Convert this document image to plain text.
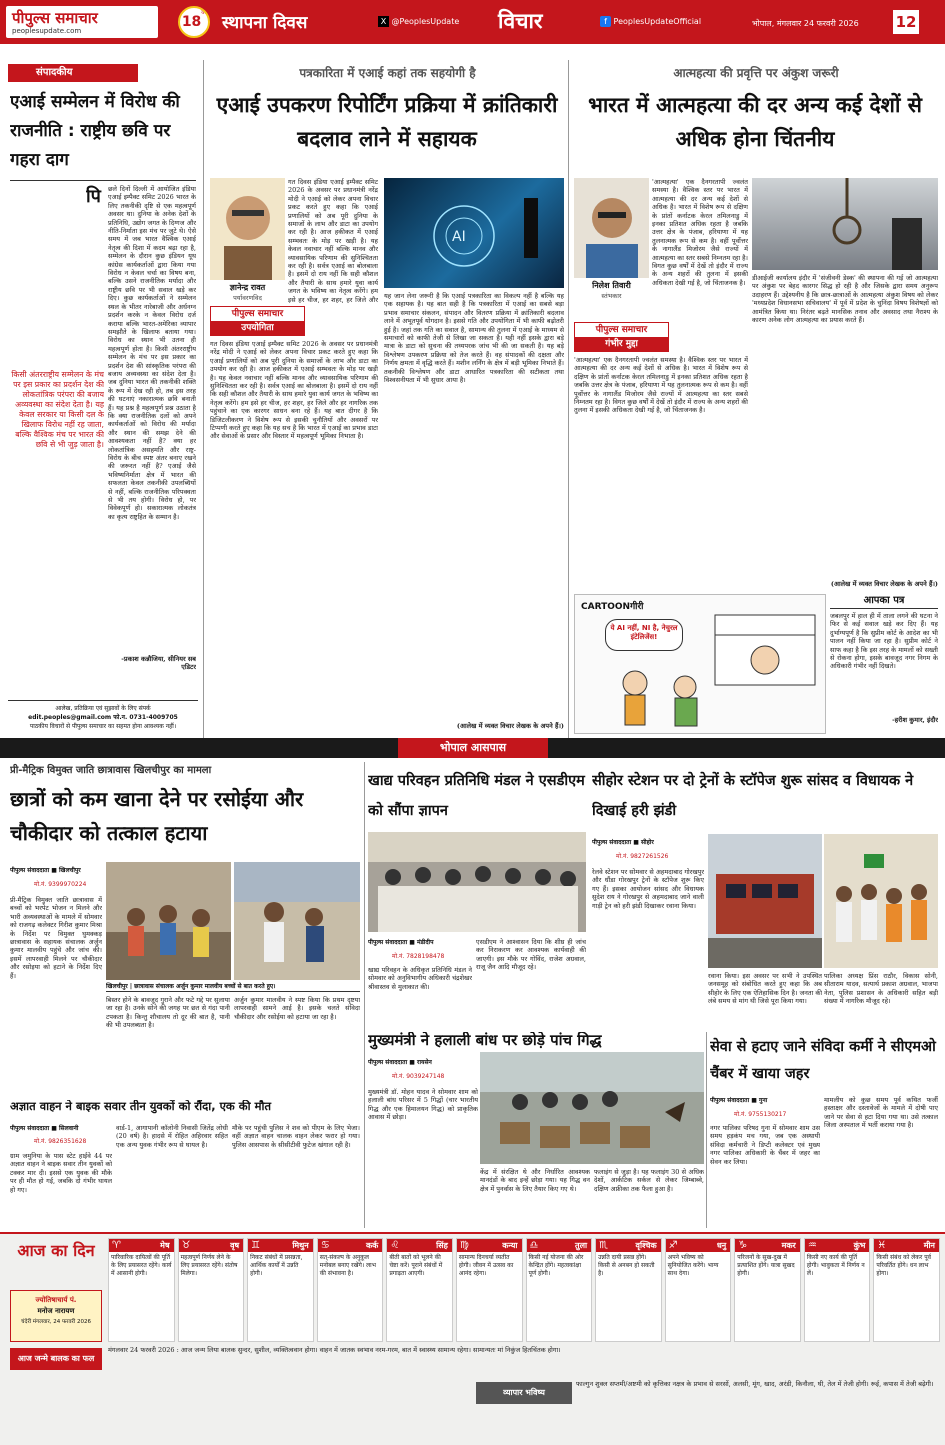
पीपुल्स समाचार
peoplesupdate.com
$18^{वां}$
स्थापना दिवस	X @PeoplesUpdate विचार	f PeoplesUpdateOfficial	भोपाल, मंगलवार 24 फरवरी 2026 12
संपादकीय
एआई सम्मेलन में विरोध की राजनीति : राष्ट्रीय छवि पर गहरा दाग
पि	छले दिनों दिल्ली में आयोजित इंडिया एआई इम्पैक्ट समिट 2026 भारत के लिए तकनीकी दृष्टि से एक महत्वपूर्ण अवसर था। दुनिया के अनेक देशों के प्रतिनिधि, उद्योग जगत के दिग्गज और नीति-निर्माता इस मंच पर जुटे थे। ऐसे समय में जब भारत वैश्विक एआई नेतृत्व की दिशा में कदम बढ़ा रहा है, सम्मेलन के दौरान कुछ इंडियन यूथ कांग्रेस कार्यकर्ताओं द्वारा किया गया विरोध न केवल चर्चा का विषय बना, बल्कि उसने राजनीतिक मर्यादा और राष्ट्रीय छवि पर भी सवाल खड़े कर दिए। कुछ कार्यकर्ताओं ने सम्मेलन स्थल के भीतर नारेबाजी और अर्धनग्न प्रदर्शन करके न केवल विरोध दर्ज कराया बल्कि भारत-अमेरिका व्यापार समझौते के खिलाफ बताया गया। विरोध का स्थान भी उतना ही महत्वपूर्ण होता है। किसी अंतरराष्ट्रीय सम्मेलन के मंच पर इस प्रकार का प्रदर्शन देश की सांस्कृतिक परंपरा की बजाय अव्यवस्था का संदेश देता है। जब दुनिया भारत की तकनीकी शक्ति के रूप में देख रही हो, तब इस तरह की घटनाएं नकारात्मक छवि बनाती हैं। यह प्रश्न है महत्वपूर्ण प्रश्न उठाता है कि क्या राजनीतिक दलों को अपने कार्यकर्ताओं को विरोध की मर्यादा और स्थान की समझ देने की आवश्यकता नहीं है? क्या हर लोकतांत्रिक असहमति और राष्ट्र-विरोध के बीच स्पष्ट अंतर बनाए रखने की जरूरत नहीं है? एआई जैसे भविष्यनिर्माता क्षेत्र में भारत की सफलता केवल तकनीकी उपलब्धियों से नहीं, बल्कि राजनीतिक परिपक्वता से भी तय होगी। विरोध हो, पर विवेकपूर्ण हो। सकारात्मक लोकतंत्र का कृत्य राष्ट्रहित के सम्मान है।
किसी अंतरराष्ट्रीय सम्मेलन के मंच पर इस प्रकार का प्रदर्शन देश की लोकतांत्रिक परंपरा की बजाय अव्यवस्था का संदेश देता है। यह केवल सरकार या किसी दल के खिलाफ विरोध नहीं रह जाता, बल्कि वैश्विक मंच पर भारत की छवि से भी जुड़ जाता है।
-प्रकाश कन्नौजिया, सीनियर सब एडिटर
आलेख, प्रतिक्रिया एवं सुझावों के लिए संपर्क
edit.peoples@gmail.com फो.न. 0731-4009705
पाठकीय विचारों से पीपुल्स समाचार का सहमत होना आवश्यक नहीं।
पत्रकारिता में एआई कहां तक सहयोगी है
एआई उपकरण रिपोर्टिंग प्रक्रिया में क्रांतिकारी बदलाव लाने में सहायक
ज्ञानेन्द्र रावत
पर्यावरणविद
पीपुल्स समाचार
उपयोगिता
गत दिवस इंडिया एआई इम्पैक्ट समिट 2026 के अवसर पर प्रधानमंत्री नरेंद्र मोदी ने एआई को लेकर अपना विचार प्रकट करते हुए कहा कि एआई प्रणालियों को अब पूरी दुनिया के समाजों के लाभ और डाटा का उपयोग कर रही है। आज हकीकत में एआई सम्भवतः के मोड़ पर खड़ी है। यह केवल नवाचार नहीं बल्कि मानव और व्यावसायिक परिणाम की सुनिश्चितता कर रही है। सर्वत्र एआई का बोलबाला है। इसमें दो राय नहीं कि सही कौशल और तैयारी के साथ हमारे युवा कार्य जगत के भविष्य का नेतृत्व करेंगे। हम इसे हर चीज, हर शहर, हर जिले और
गत दिवस इंडिया एआई इम्पैक्ट समिट 2026 के अवसर पर प्रधानमंत्री नरेंद्र मोदी ने एआई को लेकर अपना विचार प्रकट करते हुए कहा कि एआई प्रणालियों को अब पूरी दुनिया के समाजों के लाभ और डाटा का उपयोग कर रही है। आज हकीकत में एआई सम्भवतः के मोड़ पर खड़ी है। यह केवल नवाचार नहीं बल्कि मानव और व्यावसायिक परिणाम की सुनिश्चितता कर रही है। सर्वत्र एआई का बोलबाला है। इसमें दो राय नहीं कि सही कौशल और तैयारी के साथ हमारे युवा कार्य जगत के भविष्य का नेतृत्व करेंगे। हम इसे हर चीज, हर शहर, हर जिले और हर नागरिक तक पहुंचाने का एक कारगर साधन बना रहे हैं। यह बात दीगर है कि डिजिटलीकरण ने विशेष रूप से इसकी चुनौतियों और अवसरों पर टिप्पणी करते हुए कहा कि यह सच है कि भारत में एआई का प्रभाव डाटा और सेवाओं के प्रसार और विस्तार में महत्वपूर्ण भूमिका निभाता है।
AI
यह जान लेना जरूरी है कि एआई पत्रकारिता का विकल्प नहीं है बल्कि यह एक सहायक है। यह बात सही है कि पत्रकारिता में एआई का सबसे बड़ा प्रभाव समाचार संकलन, संपादन और वितरण प्रक्रिया में क्रांतिकारी बदलाव लाने में अभूतपूर्व योगदान है। इससे गति और उपयोगिता में भी काफी बढ़ोतरी हुई है। जहां तक गति का सवाल है, सामान्य की तुलना में एआई के माध्यम से समाचारों को काफी तेजी से लिखा जा सकता है। यही नहीं इसके द्वारा बड़े मात्रा के डाटा को सुचना की तथ्यपरक जांच भी की जा सकती है। यह बड़े विश्लेषण उपकरण प्रक्रिया को तेज करते हैं। वह संपादकों की दक्षता और निर्णय क्षमता में वृद्धि करते हैं। मशीन लर्निंग के क्षेत्र में बड़ी भूमिका निभाते हैं। तकनीकी विश्लेषण और डाटा आधारित पत्रकारिता की सटीकता तथा विश्वसनीयता में भी सुधार आया है।
(आलेख में व्यक्त विचार लेखक के अपने हैं।)
आत्महत्या की प्रवृत्ति पर अंकुश जरूरी
भारत में आत्महत्या की दर अन्य कई देशों से अधिक होना चिंतनीय
निलेश तिवारी
स्तंभकार
पीपुल्स समाचार
गंभीर मुद्दा
'आत्महत्या' एक दैनगरतापी ज्वलंत समस्या है। वैश्विक स्तर पर भारत में आत्महत्या की दर अन्य कई देशों से अधिक है। भारत में विशेष रूप से दक्षिण के प्रांतों कर्नाटक केरल तमिलनाडु में इनका प्रतिशत अधिक रहता है जबकि उत्तर क्षेत्र के पंजाब, हरियाणा में यह तुलनात्मक रूप से कम है। वहीं पूर्वोत्तर के नागालैंड मिजोरम जैसे राज्यों में आत्महत्या का स्तर सबसे निम्नतम रहा है। विगत कुछ वर्षों में देखें तो इंदौर में राज्य के अन्य शहरों की तुलना में इसकी अधिकता देखी गई है, जो चिंताजनक है।
'आत्महत्या' एक दैनगरतापी ज्वलंत समस्या है। वैश्विक स्तर पर भारत में आत्महत्या की दर अन्य कई देशों से अधिक है। भारत में विशेष रूप से दक्षिण के प्रांतों कर्नाटक केरल तमिलनाडु में इनका प्रतिशत अधिक रहता है जबकि उत्तर क्षेत्र के पंजाब, हरियाणा में यह तुलनात्मक रूप से कम है। वहीं पूर्वोत्तर के नागालैंड मिजोरम जैसे राज्यों में आत्महत्या का स्तर सबसे निम्नतम रहा है। विगत कुछ वर्षों में देखें तो इंदौर में राज्य के अन्य शहरों की तुलना में इसकी अधिकता देखी गई है, जो चिंताजनक है।
डीआईजी कार्यालय इंदौर में 'संजीवनी डेस्क' की स्थापना की गई जो आत्महत्या पर अंकुश पर बेहद कारगर सिद्ध हो रही है और जिसके द्वारा समय अनुरूप उदाहरण हैं। उद्देश्यनीय है कि छात्र-छात्राओं के आत्महत्या अंकुश विषय को लेकर 'मध्यप्रदेश विधानसभा सचिवालय' में पूर्व में प्रदेश के चुनिंदा विषय विशेषज्ञों को आमंत्रित किया था। निरंतर बढ़ते मानसिक तनाव और अवसाद तथा नैराश्य के कारण अनेक लोग आत्महत्या का प्रयास करते हैं।
(आलेख में व्यक्त विचार लेखक के अपने हैं।)
CARTOONगीरी
ये AI नहीं, NI है, नेचुरल इंटेलिजेंस!
आपका पत्र
जबलपुर में हाल ही में ताला लगने की घटना ने फिर से कई सवाल खड़े कर दिए हैं। यह दुर्भाग्यपूर्ण है कि सुप्रीम कोर्ट के आदेश का भी पालन नहीं किया जा रहा है। सुप्रीम कोर्ट ने साफ कहा है कि इस तरह के मामलों को सख्ती से रोकना होगा, इसके बावजूद नगर निगम के अधिकारी गंभीर नहीं दिखते।
-हरीश कुमार, इंदौर
भोपाल आसपास
प्री-मैट्रिक विमुक्त जाति छात्रावास खिलचीपुर का मामला
छात्रों को कम खाना देने पर रसोईया और चौकीदार को तत्काल हटाया
पीपुल्स संवाददाता ■ खिलचीपुर
मो.नं. 9399970224
प्री-मैट्रिक विमुक्त जाति छात्रावास में बच्चों को भरपेट भोजन न मिलने और भारी अव्यवस्थाओं के मामले में सोमवार को राजगढ़ कलेक्टर गिरीश कुमार मिश्रा के निर्देश पर विमुक्त घुमक्कड़ छात्रावास के सहायक संचालक अर्जुन कुमार मालवीय पहुंचे और जांच की। इसमें लापरवाही मिलने पर चौकीदार और रसोइया को हटाने के निर्देश दिए हैं।
खिलचीपुर | छात्रावास संचालक अर्जुन कुमार मालवीय बच्चों से बात करते हुए।
बिस्तर होने के बावजूद गुराने और फटे गद्दे पर सुलाया जा रहा है। उनके सोने की जगह पर छत से गंदा पानी टपकता है। किन्तु शौचालय तो दूर की बात है, पानी की भी उपलब्धता है।
अर्जुन कुमार मालवीय ने स्पष्ट किया कि प्रथम दृष्टया लापरवाही सामने आई है। इसके चलते संविदा चौकीदार और रसोईया को हटाया जा रहा है।
अज्ञात वाहन ने बाइक सवार तीन युवकों को रौंदा, एक की मौत
पीपुल्स संवाददाता ■ सिलवानी
मो.नं. 9826351628
ग्राम जमुनिया के पास स्टेट हाईवे 44 पर अज्ञात वाहन ने बाइक सवार तीन युवकों को टक्कर मार दी। इससे एक युवक की मौके पर ही मौत हो गई, जबकि दो गंभीर घायल हो गए।
वार्ड-1, आगापानी कॉलोनी निवासी जितेंद्र लोधी (20 वर्ष) है। हादसे में रोहित अहिरवार सहित एक अन्य युवक गंभीर रूप से घायल है।
मौके पर पहुंची पुलिस ने शव को पीएम के लिए भेजा। वहीं अज्ञात वाहन चालक वाहन लेकर फरार हो गया। पुलिस आसपास के सीसीटीवी फुटेज खंगाल रही है।
खाद्य परिवहन प्रतिनिधि मंडल ने एसडीएम को सौंपा ज्ञापन
पीपुल्स संवाददाता ■ मंडीदीप
मो.नं. 7828198478
खाद्य परिवहन के अधिकृत प्रतिनिधि मंडल ने सोमवार को अनुविभागीय अधिकारी चंद्रशेखर श्रीवास्तव से मुलाकात की।
एसडीएम ने आश्वासन दिया कि शीघ्र ही जांच कर निराकरण कर आवश्यक कार्यवाही की जाएगी। इस मौके पर गोविंद, राजेश अग्रवाल, राजू जैन आदि मौजूद रहे।
सीहोर स्टेशन पर दो ट्रेनों के स्टॉपेज शुरू सांसद व विधायक ने दिखाई हरी झंडी
पीपुल्स संवाददाता ■ सीहोर
मो.नं. 9827261526
रेलवे स्टेशन पर सोमवार से अहमदाबाद गोरखपुर और धौंडा गोरखपुर ट्रेनों के स्टॉपेज शुरू किए गए हैं। इसका आयोजन सांसद और विधायक सुदेश राय ने गोरखपुर से अहमदाबाद जाने वाली गाड़ी ट्रेन को हरी झंडी दिखाकर रवाना किया।
रवाना किया। इस अवसर पर सभी ने उपस्थित जनसमूह को संबोधित करते हुए कहा कि अब सीहोर के लिए एक ऐतिहासिक दिन है। जनता की लंबे समय से मांग थी जिसे पूरा किया गया।
पालिका अध्यक्ष प्रिंस राठौर, विकास सोनी, सीताराम यादव, सत्यार्थ प्रकाश अग्रवाल, भाजपा नेता, पुलिस प्रशासन के अधिकारी सहित बड़ी संख्या में नागरिक मौजूद रहे।
मुख्यमंत्री ने हलाली बांध पर छोड़े पांच गिद्ध
पीपुल्स संवाददाता ■ रायसेन
मो.नं. 9039247148
मुख्यमंत्री डॉ. मोहन यादव ने सोमवार शाम को हलाली बांध परिसर में 5 गिद्धों (चार भारतीय गिद्ध और एक हिमालयन गिद्ध) को प्राकृतिक आवास में छोड़ा।
केंद्र में संरक्षित थे और निर्धारित आवश्यक मानदंडों के बाद इन्हें छोड़ा गया। यह गिद्ध वन क्षेत्र में पुनर्वास के लिए तैयार किए गए थे।
फलाइंग से जुड़ा है। यह फलाइंग 30 से अधिक देशों, आर्कटिक सर्कल से लेकर जिम्बाब्वे, दक्षिण अफ्रीका तक फैला हुआ है।
सेवा से हटाए जाने संविदा कर्मी ने सीएमओ चैंबर में खाया जहर
पीपुल्स संवाददाता ■ गुना
मो.नं. 9755130217
नगर पालिका परिषद गुना में सोमवार शाम उस समय हड़कंप मच गया, जब एक अस्थायी संविदा कर्मचारी ने डिप्टी कलेक्टर एवं मुख्य नगर पालिका अधिकारी के चैंबर में जहर का सेवन कर लिया।
मामलीय को कुछ समय पूर्व कथित फर्जी हस्ताक्षर और दस्तावेजों के मामले में दोषी पाए जाने पर सेवा से हटा दिया गया था। उसे तत्काल जिला अस्पताल में भर्ती कराया गया है।
आज का दिन
ज्योतिषाचार्य पं.
मनोज नारायण
चंदेरी मंगलवार, 24 फरवरी 2026
मेष
♈
पारिवारिक दायित्वों की पूर्ति के लिए प्रयासरत रहेंगे। कार्य में आसानी होगी।
वृष
♉
महत्वपूर्ण निर्णय लेने के लिए प्रयासरत रहेंगे। संतोष मिलेगा।
मिथुन
♊
निकट संबंधों में प्रसन्नता, आर्थिक कार्यों में उन्नति होगी।
कर्क
♋
सत्-संकल्प के अनुकूल मनोबल बनाए रखेंगे। लाभ की संभावना है।
सिंह
♌
बीती बातों को भूलने की चेष्टा करें। पूराने संबंधों में प्रगाढ़ता आएगी।
कन्या
♍
सामान्य दिनचर्या व्यतीत होगी। जीवन में उत्सव का आनंद रहेगा।
तुला
♎
किसी नई योजना की ओर केन्द्रित होंगे। महत्वकांक्षा पूर्ण होगी।
वृश्चिक
♏
उन्नति दायी प्रसन्न होंगे। किसी से अनबन हो सकती है।
धनु
♐
अपने भविष्य को सुनियोजित करेंगे। भाग्य साथ देगा।
मकर
♑
परिजनों के सुख-दुख में प्रत्याशित होंगे। यात्रा सुखद होगी।
कुंभ
♒
किसी नए कार्य की पूर्ति होगी। भावुकता में निर्णय न लें।
मीन
♓
किसी संबंध को लेकर पूर्व परिवर्तित होंगे। धन लाभ होगा।
आज जन्मे बालक का फल
मंगलवार 24 फरवरी 2026 : आज जन्म लिया बालक सुन्दर, सुशील, व्यक्तित्ववान होगा। वाहन में जातक स्वभाव नरम-गरम, बात में स्वास्थ्य सामान्य रहेगा। सामान्यतः मां निकुंज हितचिंतक होगा।
व्यापार भविष्य
फाल्गुन शुक्ल सप्तमी/अष्टमी को कृत्तिका नक्षत्र के प्रभाव से सरसों, अलसी, मूंग, खाद, अरंडी, किनौला, घी, तेल में तेजी होगी। रूई, कपास में तेजी बढ़ेगी।
